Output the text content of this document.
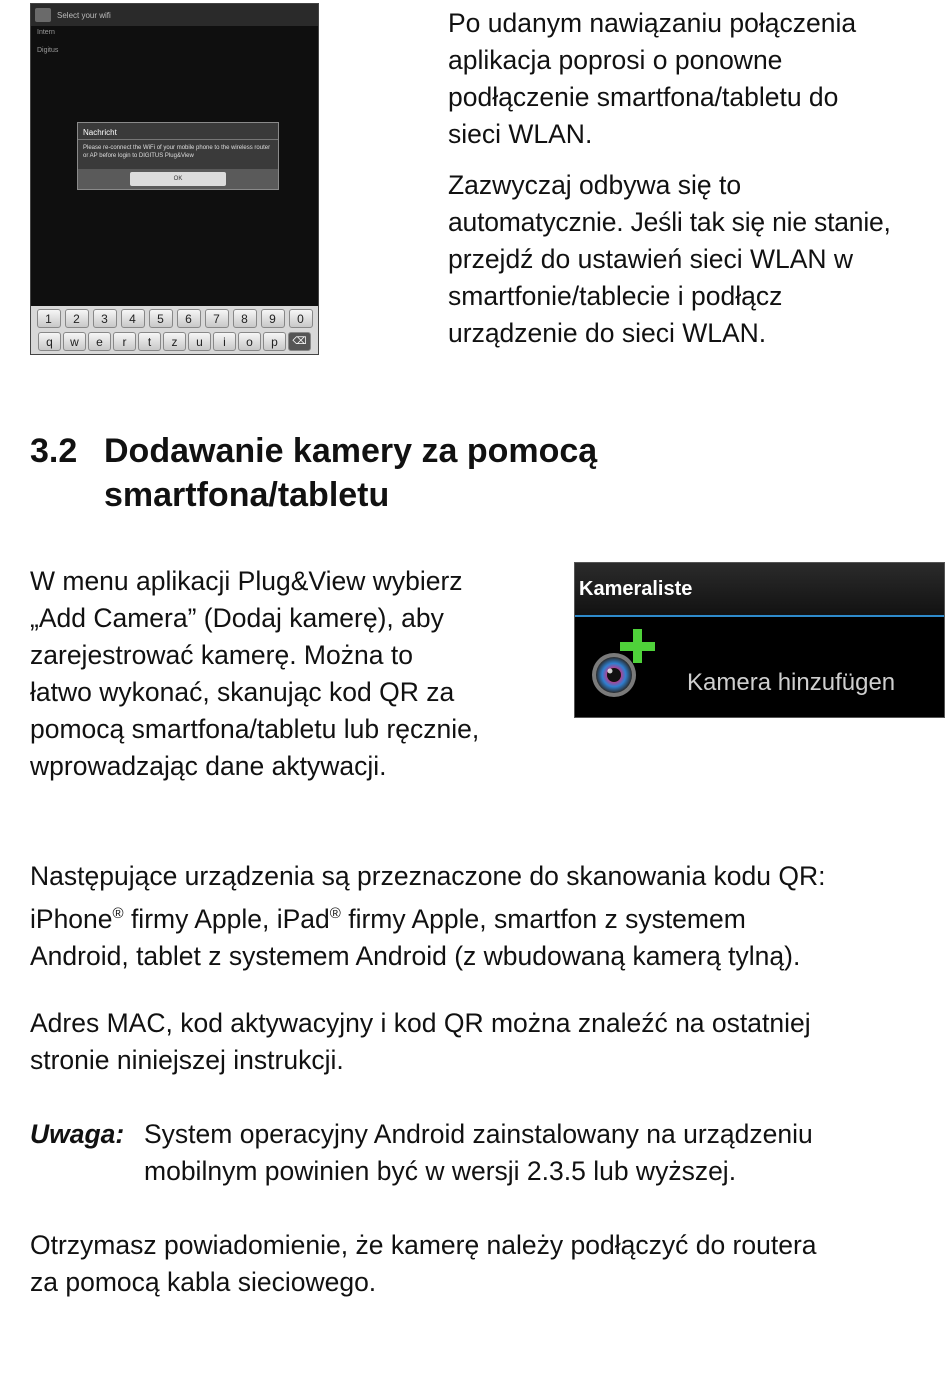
Select your wifi
Intern
Digitus
Nachricht
Please re-connect the WiFi of your mobile phone to the wireless router or AP before login to DIGITUS Plug&View
OK
1	2	3	4	5	6	7	8	9	0
q	w	e	r	t	z	u	i	o	p	⌫

Po udanym nawiązaniu połączenia

aplikacja poprosi o ponowne

podłączenie smartfona/tabletu do

sieci WLAN.

Zazwyczaj odbywa się to

automatycznie. Jeśli tak się nie stanie,

przejdź do ustawień sieci WLAN w

smartfonie/tablecie i podłącz

urządzenie do sieci WLAN.

3.2 Dodawanie kamery za pomocą
smartfona/tabletu

W menu aplikacji Plug&View wybierz

„Add Camera” (Dodaj kamerę), aby

zarejestrować kamerę. Można to

łatwo wykonać, skanując kod QR za

pomocą smartfona/tabletu lub ręcznie,

wprowadzając dane aktywacji.

Kameraliste
Kamera hinzufügen

Następujące urządzenia są przeznaczone do skanowania kodu QR:

iPhone® firmy Apple, iPad® firmy Apple, smartfon z systemem

Android, tablet z systemem Android (z wbudowaną kamerą tylną).

Adres MAC, kod aktywacyjny i kod QR można znaleźć na ostatniej

stronie niniejszej instrukcji.

Uwaga: System operacyjny Android zainstalowany na urządzeniu

mobilnym powinien być w wersji 2.3.5 lub wyższej.

Otrzymasz powiadomienie, że kamerę należy podłączyć do routera

za pomocą kabla sieciowego.
